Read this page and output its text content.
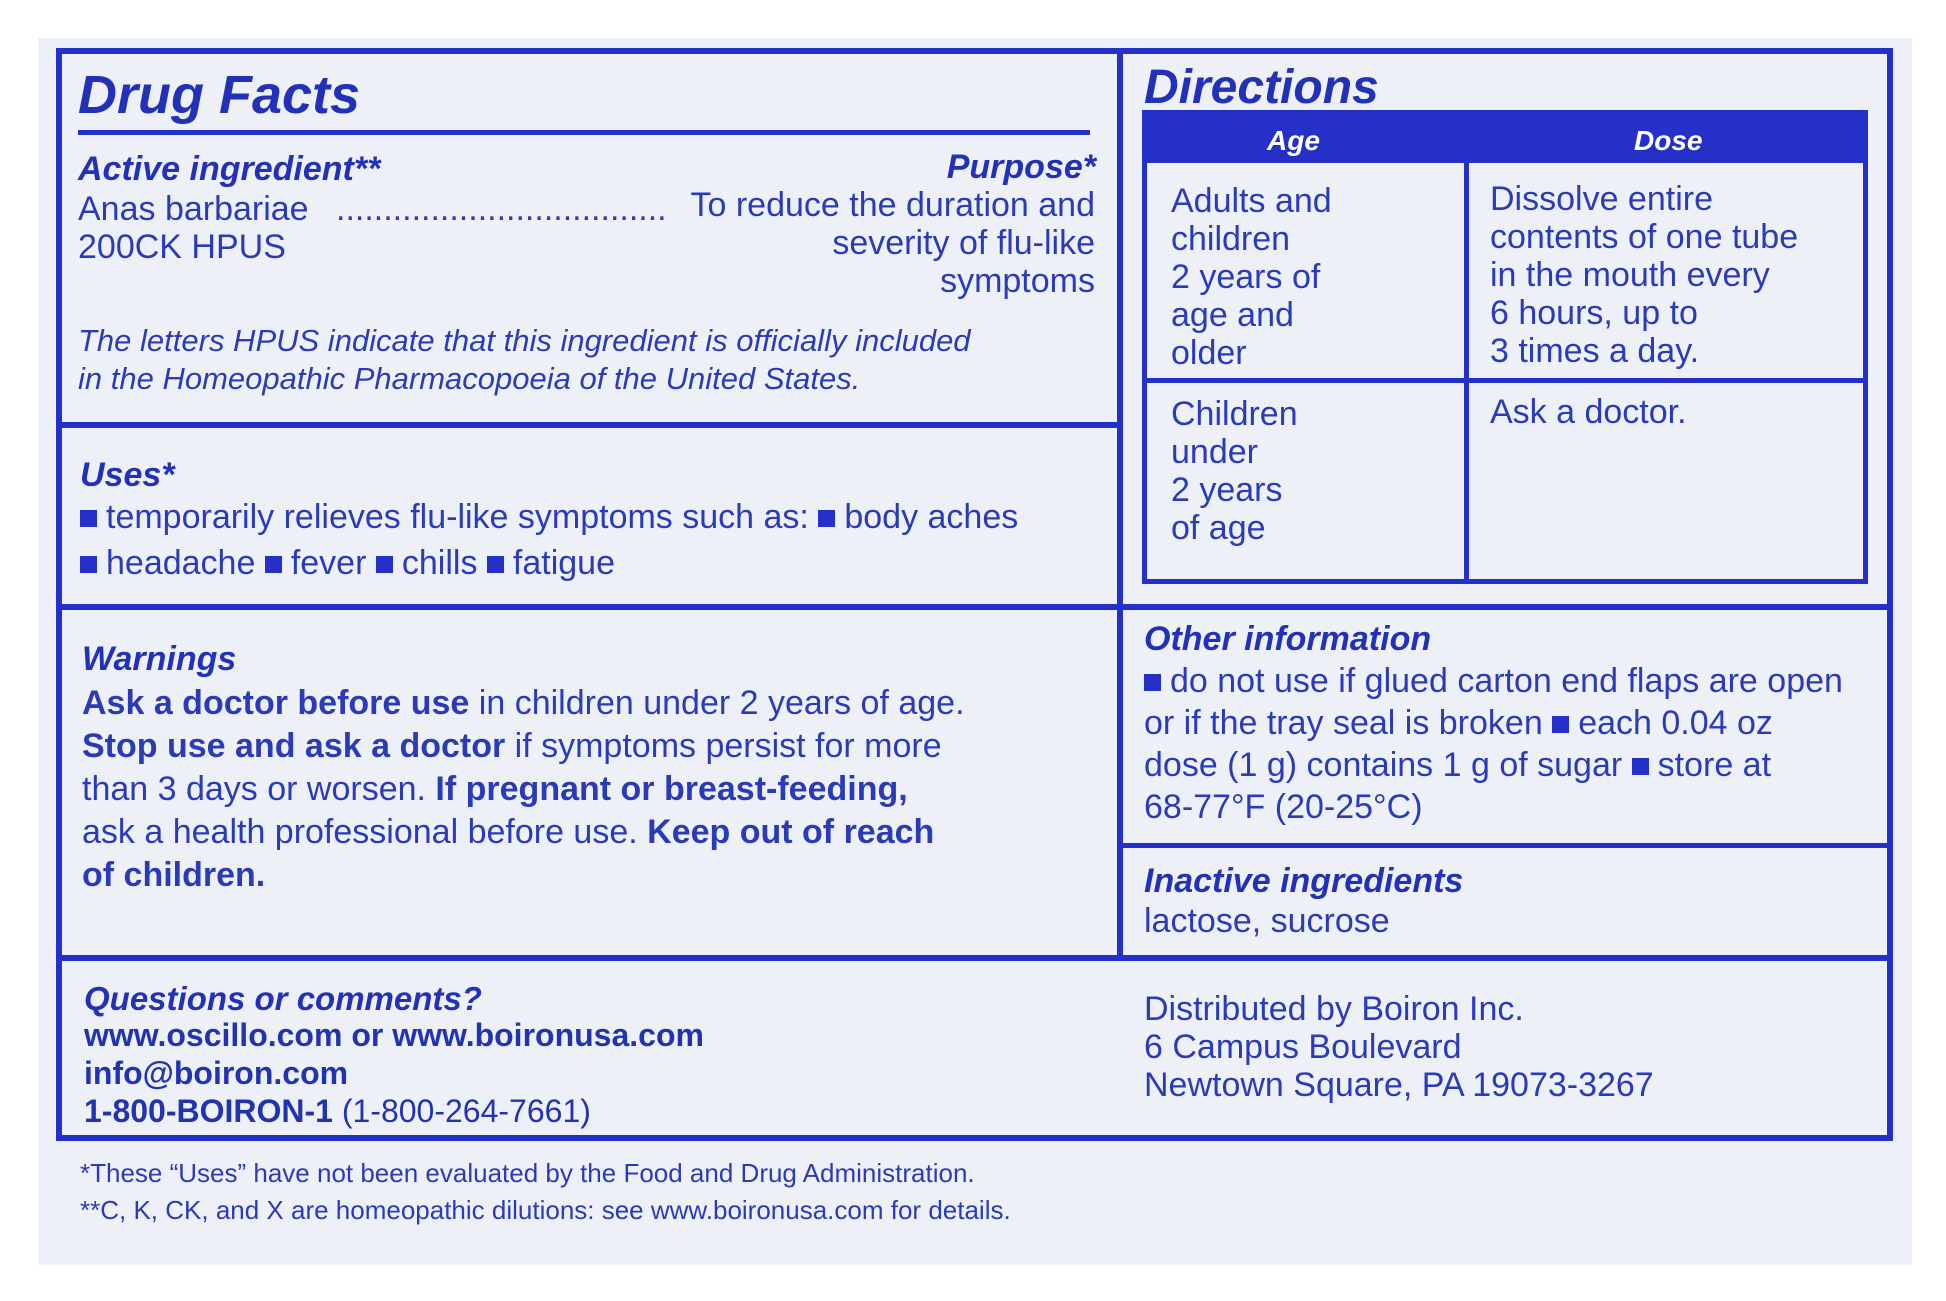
Drug Facts
Active ingredient**	Purpose*
Anas barbariae ...................................
200CK HPUS
To reduce the duration and
severity of flu-like
symptoms
The letters HPUS indicate that this ingredient is officially included
in the Homeopathic Pharmacopoeia of the United States.
Uses*
temporarily relieves flu-like symptoms such as: body aches
headache fever chills fatigue
Warnings
Ask a doctor before use in children under 2 years of age.
Stop use and ask a doctor if symptoms persist for more
than 3 days or worsen. If pregnant or breast-feeding,
ask a health professional before use. Keep out of reach
of children.
Directions
Age	Dose
Adults and
children
2 years of
age and
older
Dissolve entire
contents of one tube
in the mouth every
6 hours, up to
3 times a day.
Children
under
2 years
of age
Ask a doctor.
Other information
do not use if glued carton end flaps are open
or if the tray seal is broken each 0.04 oz
dose (1 g) contains 1 g of sugar store at
68-77°F (20-25°C)
Inactive ingredients
lactose, sucrose
Questions or comments?
www.oscillo.com or www.boironusa.com
info@boiron.com
1-800-BOIRON-1 (1-800-264-7661)
Distributed by Boiron Inc.
6 Campus Boulevard
Newtown Square, PA 19073-3267
*These “Uses” have not been evaluated by the Food and Drug Administration.
**C, K, CK, and X are homeopathic dilutions: see www.boironusa.com for details.
